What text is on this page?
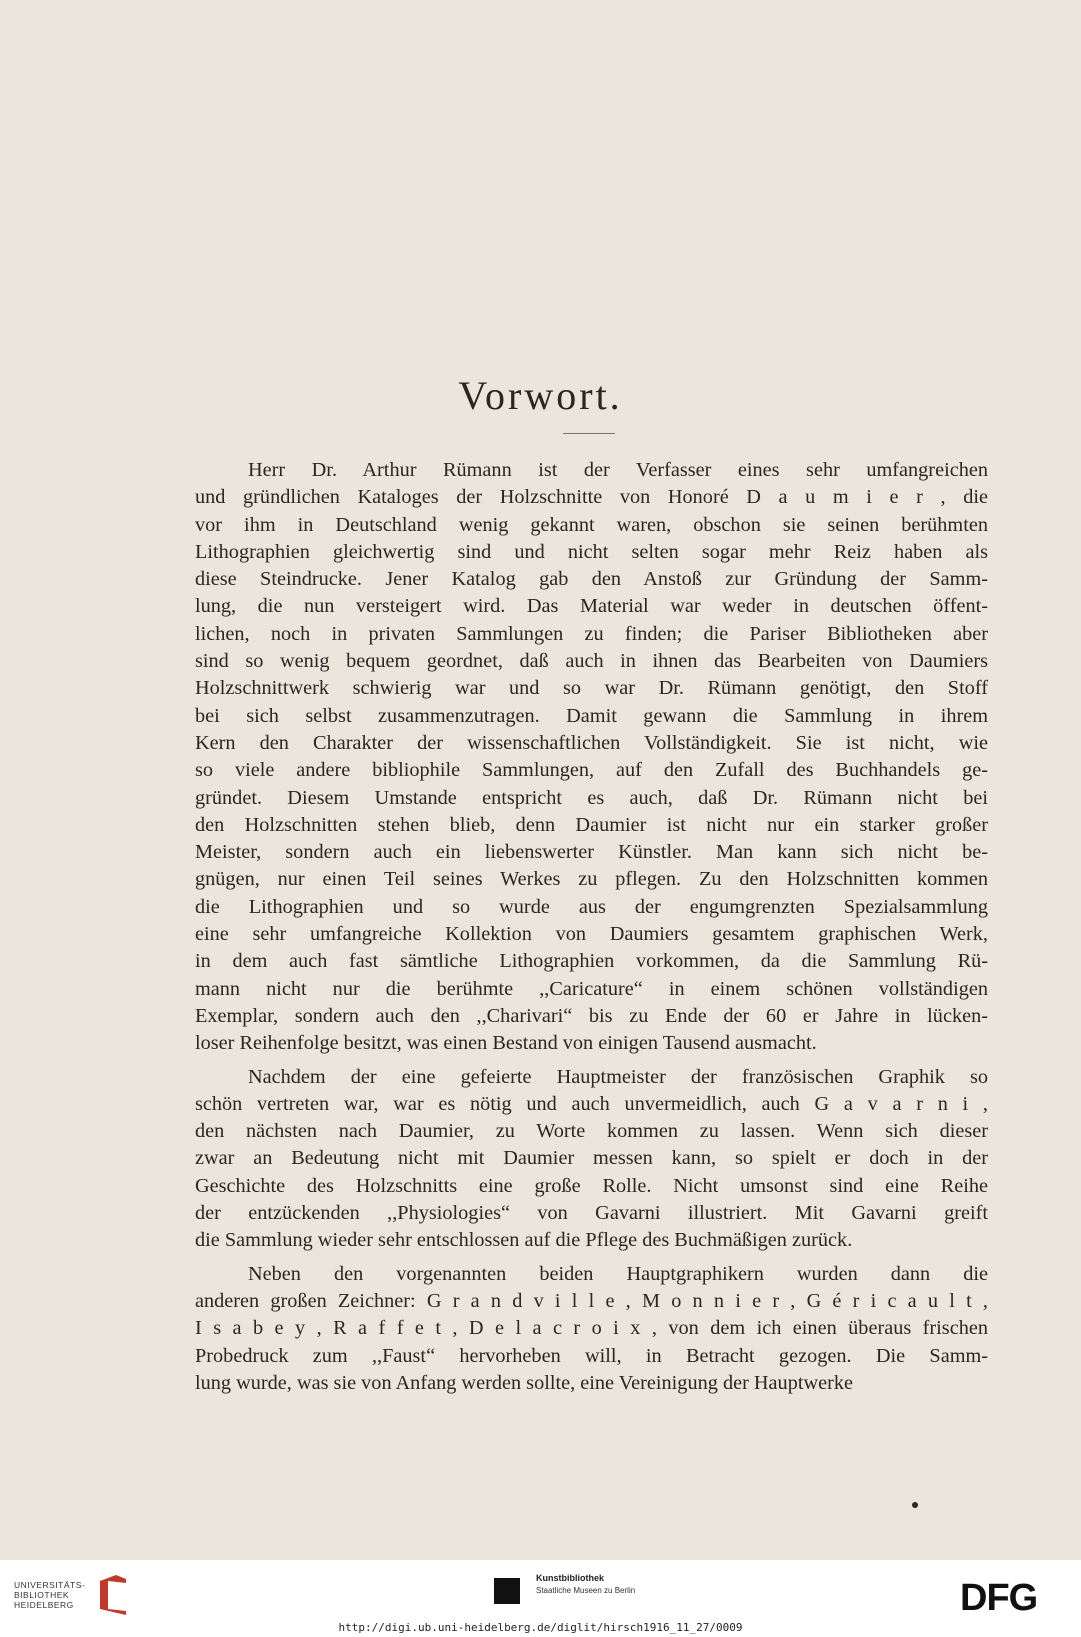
Vorwort.
Herr Dr. Arthur Rümann ist der Verfasser eines sehr umfangreichen
und gründlichen Kataloges der Holzschnitte von Honoré D a u m i e r , die
vor ihm in Deutschland wenig gekannt waren, obschon sie seinen berühmten
Lithographien gleichwertig sind und nicht selten sogar mehr Reiz haben als
diese Steindrucke. Jener Katalog gab den Anstoß zur Gründung der Samm-
lung, die nun versteigert wird. Das Material war weder in deutschen öffent-
lichen, noch in privaten Sammlungen zu finden; die Pariser Bibliotheken aber
sind so wenig bequem geordnet, daß auch in ihnen das Bearbeiten von Daumiers
Holzschnittwerk schwierig war und so war Dr. Rümann genötigt, den Stoff
bei sich selbst zusammenzutragen. Damit gewann die Sammlung in ihrem
Kern den Charakter der wissenschaftlichen Vollständigkeit. Sie ist nicht, wie
so viele andere bibliophile Sammlungen, auf den Zufall des Buchhandels ge-
gründet. Diesem Umstande entspricht es auch, daß Dr. Rümann nicht bei
den Holzschnitten stehen blieb, denn Daumier ist nicht nur ein starker großer
Meister, sondern auch ein liebenswerter Künstler. Man kann sich nicht be-
gnügen, nur einen Teil seines Werkes zu pflegen. Zu den Holzschnitten kommen
die Lithographien und so wurde aus der engumgrenzten Spezialsammlung
eine sehr umfangreiche Kollektion von Daumiers gesamtem graphischen Werk,
in dem auch fast sämtliche Lithographien vorkommen, da die Sammlung Rü-
mann nicht nur die berühmte ,,Caricature“ in einem schönen vollständigen
Exemplar, sondern auch den ,,Charivari“ bis zu Ende der 60 er Jahre in lücken-
loser Reihenfolge besitzt, was einen Bestand von einigen Tausend ausmacht.
Nachdem der eine gefeierte Hauptmeister der französischen Graphik so
schön vertreten war, war es nötig und auch unvermeidlich, auch G a v a r n i ,
den nächsten nach Daumier, zu Worte kommen zu lassen. Wenn sich dieser
zwar an Bedeutung nicht mit Daumier messen kann, so spielt er doch in der
Geschichte des Holzschnitts eine große Rolle. Nicht umsonst sind eine Reihe
der entzückenden ,,Physiologies“ von Gavarni illustriert. Mit Gavarni greift
die Sammlung wieder sehr entschlossen auf die Pflege des Buchmäßigen zurück.
Neben den vorgenannten beiden Hauptgraphikern wurden dann die
anderen großen Zeichner: G r a n d v i l l e , M o n n i e r , G é r i c a u l t ,
I s a b e y , R a f f e t , D e l a c r o i x , von dem ich einen überaus frischen
Probedruck zum ,,Faust“ hervorheben will, in Betracht gezogen. Die Samm-
lung wurde, was sie von Anfang werden sollte, eine Vereinigung der Hauptwerke
UNIVERSITÄTS-
BIBLIOTHEK
HEIDELBERG
Kunstbibliothek
Staatliche Museen zu Berlin	DFG
http://digi.ub.uni-heidelberg.de/diglit/hirsch1916_11_27/0009
